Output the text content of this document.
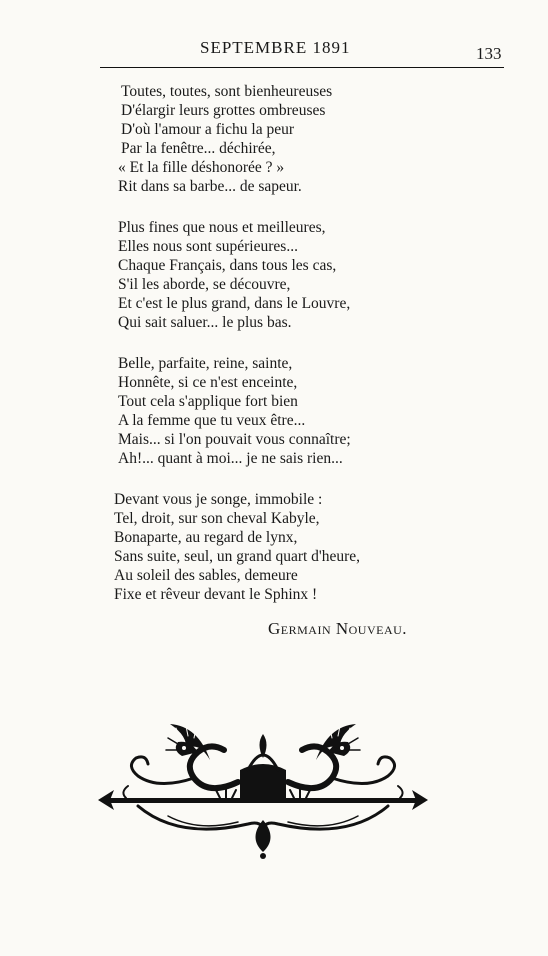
SEPTEMBRE 1891	133
Toutes, toutes, sont bienheureuses
D'élargir leurs grottes ombreuses
D'où l'amour a fichu la peur
Par la fenêtre... déchirée,
« Et la fille déshonorée ? »
Rit dans sa barbe... de sapeur.
Plus fines que nous et meilleures,
Elles nous sont supérieures...
Chaque Français, dans tous les cas,
S'il les aborde, se découvre,
Et c'est le plus grand, dans le Louvre,
Qui sait saluer... le plus bas.
Belle, parfaite, reine, sainte,
Honnête, si ce n'est enceinte,
Tout cela s'applique fort bien
A la femme que tu veux être...
Mais... si l'on pouvait vous connaître;
Ah!... quant à moi... je ne sais rien...
Devant vous je songe, immobile :
Tel, droit, sur son cheval Kabyle,
Bonaparte, au regard de lynx,
Sans suite, seul, un grand quart d'heure,
Au soleil des sables, demeure
Fixe et rêveur devant le Sphinx !
Germain Nouveau.
